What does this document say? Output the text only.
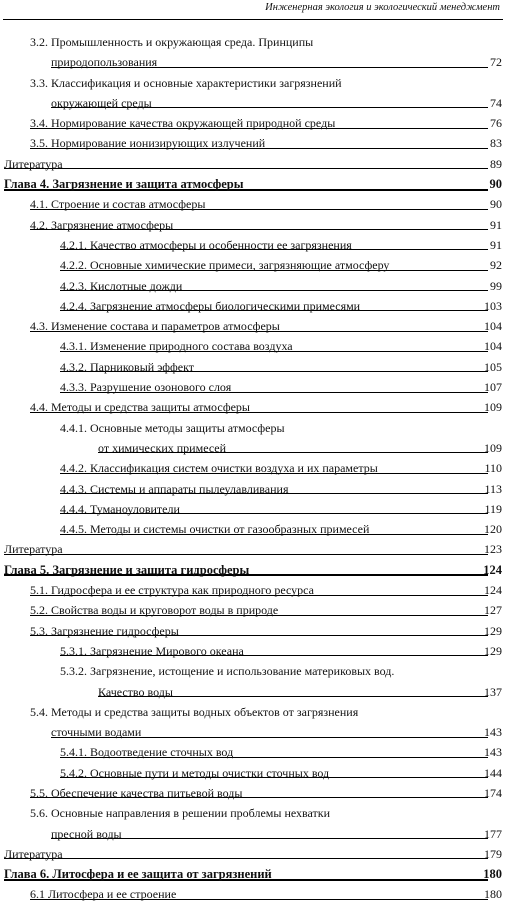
Инженерная экология и экологический менеджмент
3.2. Промышленность и окружающая среда. Принципы
природопользования	72
3.3. Классификация и основные характеристики загрязнений
окружающей среды	74
3.4. Нормирование качества окружающей природной среды	76
3.5. Нормирование ионизирующих излучений	83
Литература	89
Глава 4. Загрязнение и защита атмосферы	90
4.1. Строение и состав атмосферы	90
4.2. Загрязнение атмосферы	91
4.2.1. Качество атмосферы и особенности ее загрязнения	91
4.2.2. Основные химические примеси, загрязняющие атмосферу	92
4.2.3. Кислотные дожди	99
4.2.4. Загрязнение атмосферы биологическими примесями	103
4.3. Изменение состава и параметров атмосферы	104
4.3.1. Изменение природного состава воздуха	104
4.3.2. Парниковый эффект	105
4.3.3. Разрушение озонового слоя	107
4.4. Методы и средства защиты атмосферы	109
4.4.1. Основные методы защиты атмосферы
от химических примесей	109
4.4.2. Классификация систем очистки воздуха и их параметры	110
4.4.3. Системы и аппараты пылеулавливания	113
4.4.4. Туманоуловители	119
4.4.5. Методы и системы очистки от газообразных примесей	120
Литература	123
Глава 5. Загрязнение и защита гидросферы	124
5.1. Гидросфера и ее структура как природного ресурса	124
5.2. Свойства воды и круговорот воды в природе	127
5.3. Загрязнение гидросферы	129
5.3.1. Загрязнение Мирового океана	129
5.3.2. Загрязнение, истощение и использование материковых вод.
Качество воды	137
5.4. Методы и средства защиты водных объектов от загрязнения
сточными водами	143
5.4.1. Водоотведение сточных вод	143
5.4.2. Основные пути и методы очистки сточных вод	144
5.5. Обеспечение качества питьевой воды	174
5.6. Основные направления в решении проблемы нехватки
пресной воды	177
Литература	179
Глава 6. Литосфера и ее защита от загрязнений	180
6.1 Литосфера и ее строение	180
